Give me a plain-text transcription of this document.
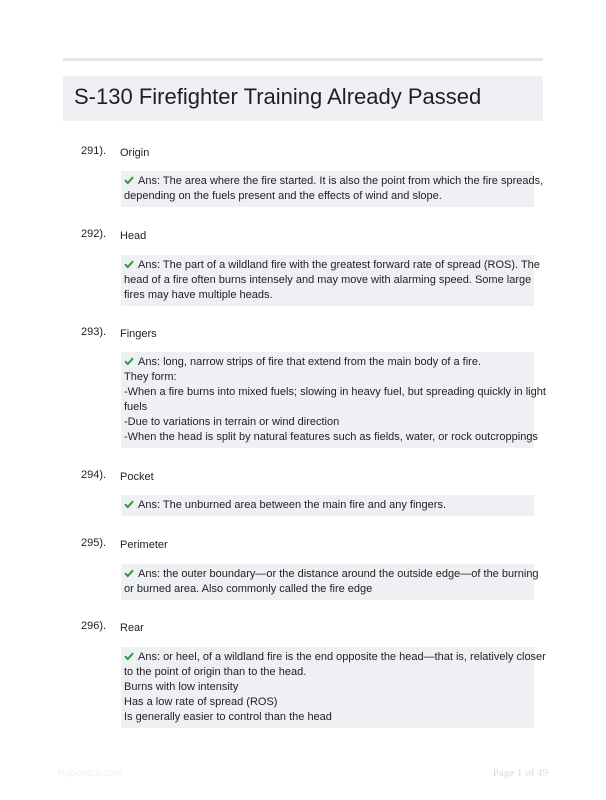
S-130 Firefighter Training Already Passed
291). Origin
Ans: The area where the fire started. It is also the point from which the fire spreads,
depending on the fuels present and the effects of wind and slope.
292). Head
Ans: The part of a wildland fire with the greatest forward rate of spread (ROS). The
head of a fire often burns intensely and may move with alarming speed. Some large
fires may have multiple heads.
293). Fingers
Ans: long, narrow strips of fire that extend from the main body of a fire.
They form:
-When a fire burns into mixed fuels; slowing in heavy fuel, but spreading quickly in light
fuels
-Due to variations in terrain or wind direction
-When the head is split by natural features such as fields, water, or rock outcroppings
294). Pocket
Ans: The unburned area between the main fire and any fingers.
295). Perimeter
Ans: the outer boundary—or the distance around the outside edge—of the burning
or burned area. Also commonly called the fire edge
296). Rear
Ans: or heel, of a wildland fire is the end opposite the head—that is, relatively closer
to the point of origin than to the head.
Burns with low intensity
Has a low rate of spread (ROS)
Is generally easier to control than the head
Paperitbit.com	Page 1 of 49
